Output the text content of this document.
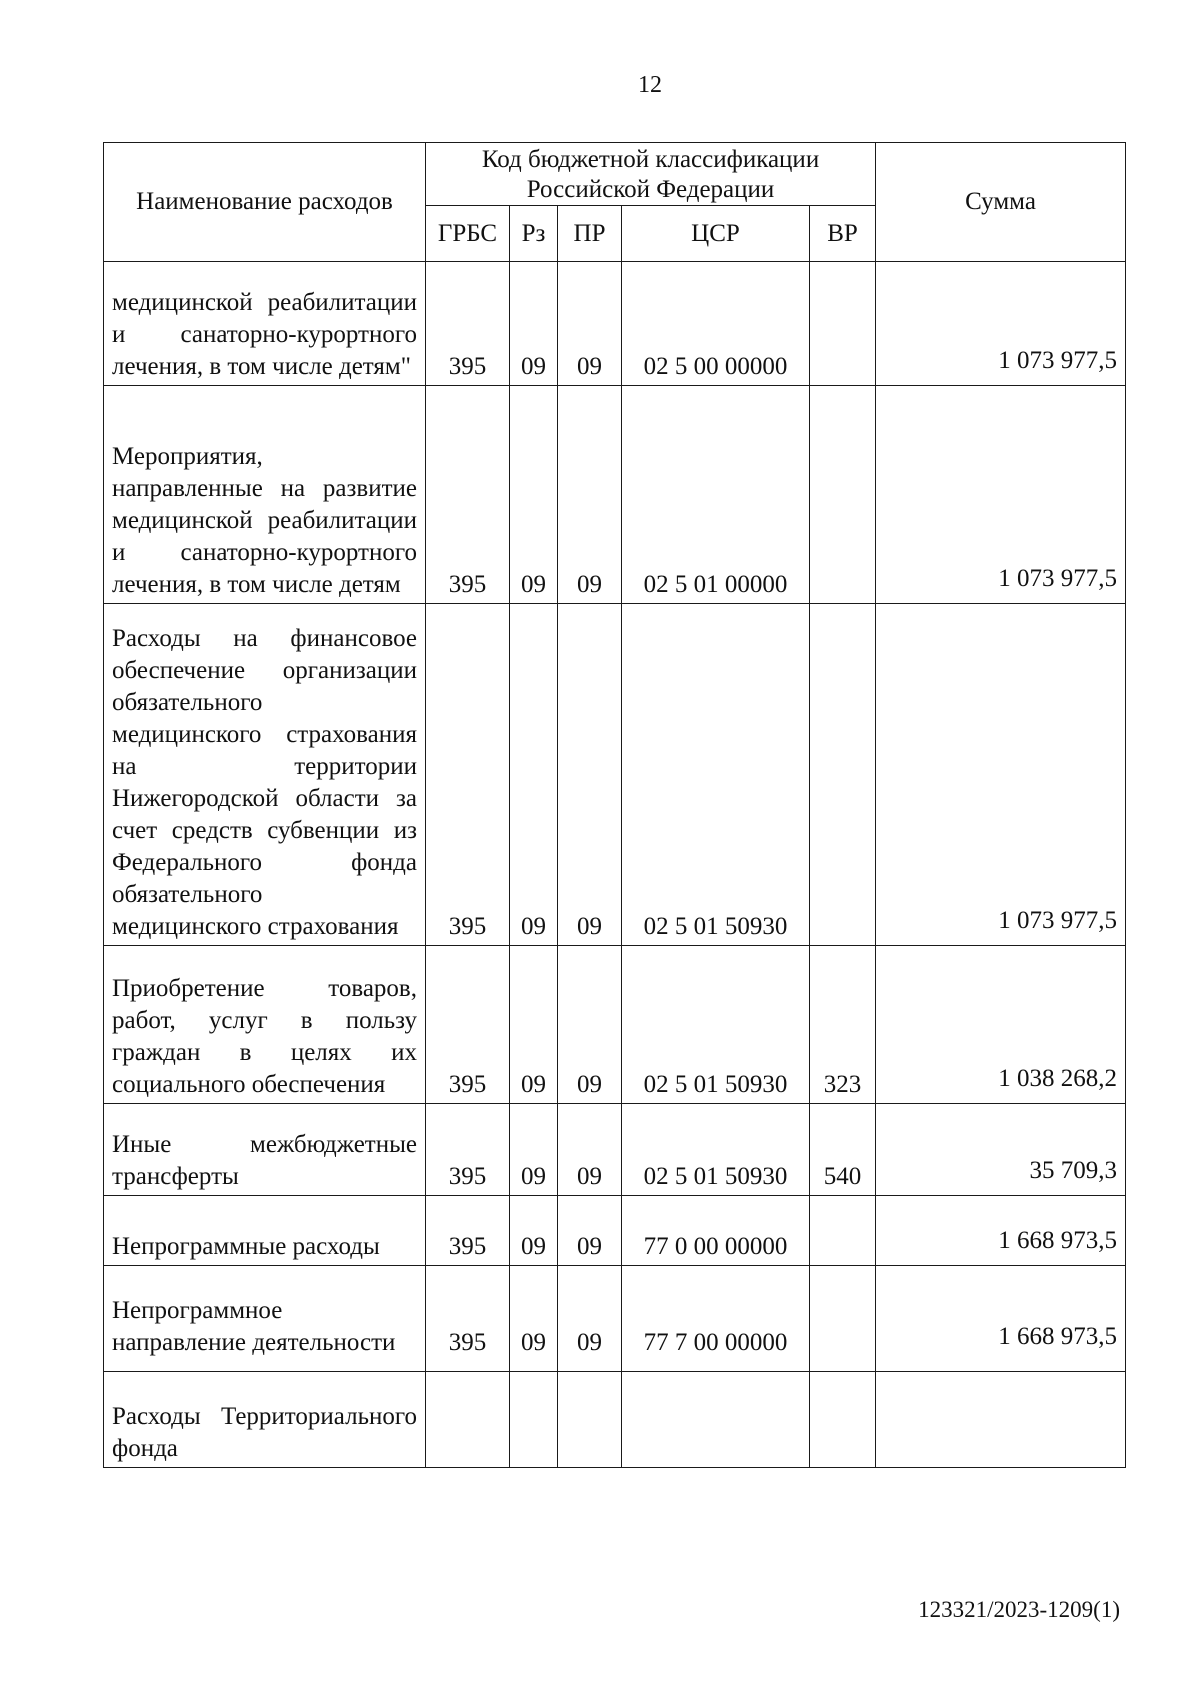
12
Наименование расходов	Код бюджетной классификации Российской Федерации					Сумма
	ГРБС	Рз	ПР	ЦСР	ВР	
медицинской реабилитации и санаторно-курортного лечения, в том числе детям"	395	09	09	02 5 00 00000		1 073 977,5
Мероприятия, направленные на развитие медицинской реабилитации и санаторно-курортного лечения, в том числе детям	395	09	09	02 5 01 00000		1 073 977,5
Расходы на финансовое обеспечение организации обязательного медицинского страхования на территории Нижегородской области за счет средств субвенции из Федерального фонда обязательного медицинского страхования	395	09	09	02 5 01 50930		1 073 977,5
Приобретение товаров, работ, услуг в пользу граждан в целях их социального обеспечения	395	09	09	02 5 01 50930	323	1 038 268,2
Иные межбюджетные трансферты	395	09	09	02 5 01 50930	540	35 709,3
Непрограммные расходы	395	09	09	77 0 00 00000		1 668 973,5
Непрограммное направление деятельности	395	09	09	77 7 00 00000		1 668 973,5
Расходы Территориального фонда						
123321/2023-1209(1)
